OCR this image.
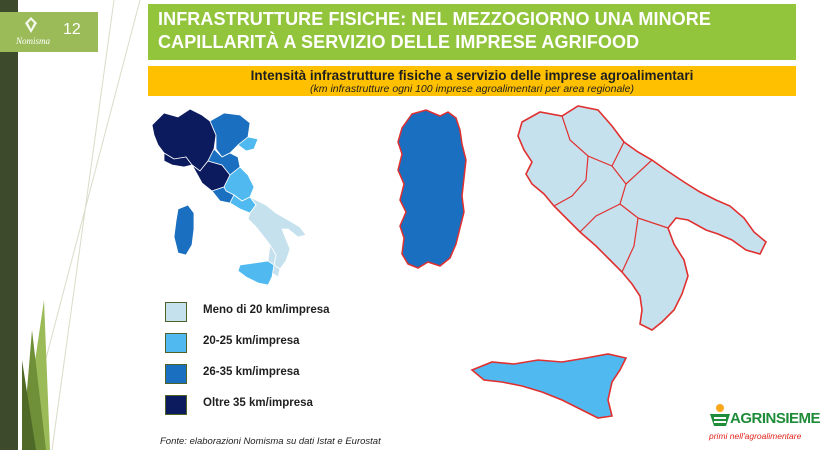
Nomisma
12
INFRASTRUTTURE FISICHE: NEL MEZZOGIORNO UNA MINORE CAPILLARITÀ A SERVIZIO DELLE IMPRESE AGRIFOOD
Intensità infrastrutture fisiche a servizio delle imprese agroalimentari
(km infrastrutture ogni 100 imprese agroalimentari per area regionale)
Meno di 20 km/impresa
20-25 km/impresa
26-35 km/impresa
Oltre 35 km/impresa
Fonte: elaborazioni Nomisma su dati Istat e Eurostat
AGRINSIEME
primi nell'agroalimentare
